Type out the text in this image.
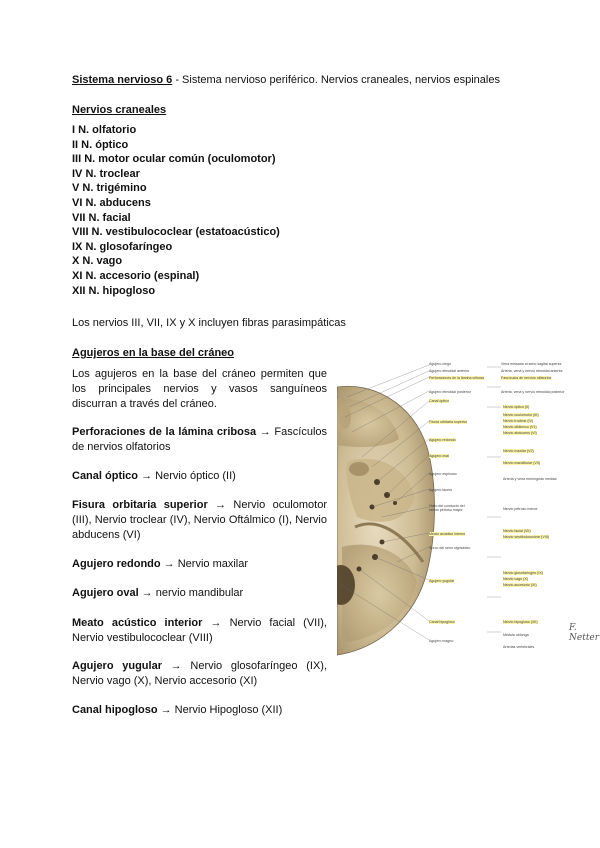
Sistema nervioso 6 - Sistema nervioso periférico. Nervios craneales, nervios espinales
Nervios craneales
I N. olfatorio
II N. óptico
III N. motor ocular común (oculomotor)
IV N. troclear
V N. trigémino
VI N. abducens
VII N. facial
VIII N. vestibulococlear (estatoacústico)
IX N. glosofaríngeo
X N. vago
XI N. accesorio (espinal)
XII N. hipogloso
Los nervios III, VII, IX y X incluyen fibras parasimpáticas
Agujeros en la base del cráneo
Los agujeros en la base del cráneo permiten que los principales nervios y vasos sanguíneos discurran a través del cráneo.
Perforaciones de la lámina cribosa → Fascículos de nervios olfatorios
Canal óptico → Nervio óptico (II)
Fisura orbitaria superior → Nervio oculomotor (III), Nervio troclear (IV), Nervio Oftálmico (I), Nervio abducens (VI)
Agujero redondo → Nervio maxilar
Agujero oval → nervio mandibular
Meato acústico interior → Nervio facial (VII), Nervio vestibulococlear (VIII)
Agujero yugular → Nervio glosofaríngeo (IX), Nervio vago (X), Nervio accesorio (XI)
Canal hipogloso → Nervio Hipogloso (XII)
Agujero ciego
Agujero etmoidal anterior
Perforaciones de la lámina cribosa
Agujero etmoidal posterior
Canal óptico
Fisura orbitaria superior
Agujero redondo
Agujero oval
Agujero espinoso
Agujero lácero
Hiato del conducto del nervio petroso mayor
Meato acústico interno
Surco del seno sigmoideo
Agujero yugular
Canal hipogloso
Agujero magno
Vena emisaria al seno sagital superior
Arteria, vena y nervio etmoidal anterior
Fascículos de nervios olfatorios
Arteria, vena y nervio etmoidal posterior
Nervio óptico (II)
Nervio oculomotor (III)
Nervio troclear (IV)
Nervio oftálmico (V1)
Nervio abducens (VI)
Nervio maxilar (V2)
Nervio mandibular (V3)
Arteria y vena meníngeas medias
Nervio petroso menor
Nervio facial (VII)
Nervio vestibulococlear (VIII)
Nervio glosofaríngeo (IX)
Nervio vago (X)
Nervio accesorio (XI)
Nervio hipogloso (XII)
Médula oblonga
Arterias vertebrales
F. Netter
